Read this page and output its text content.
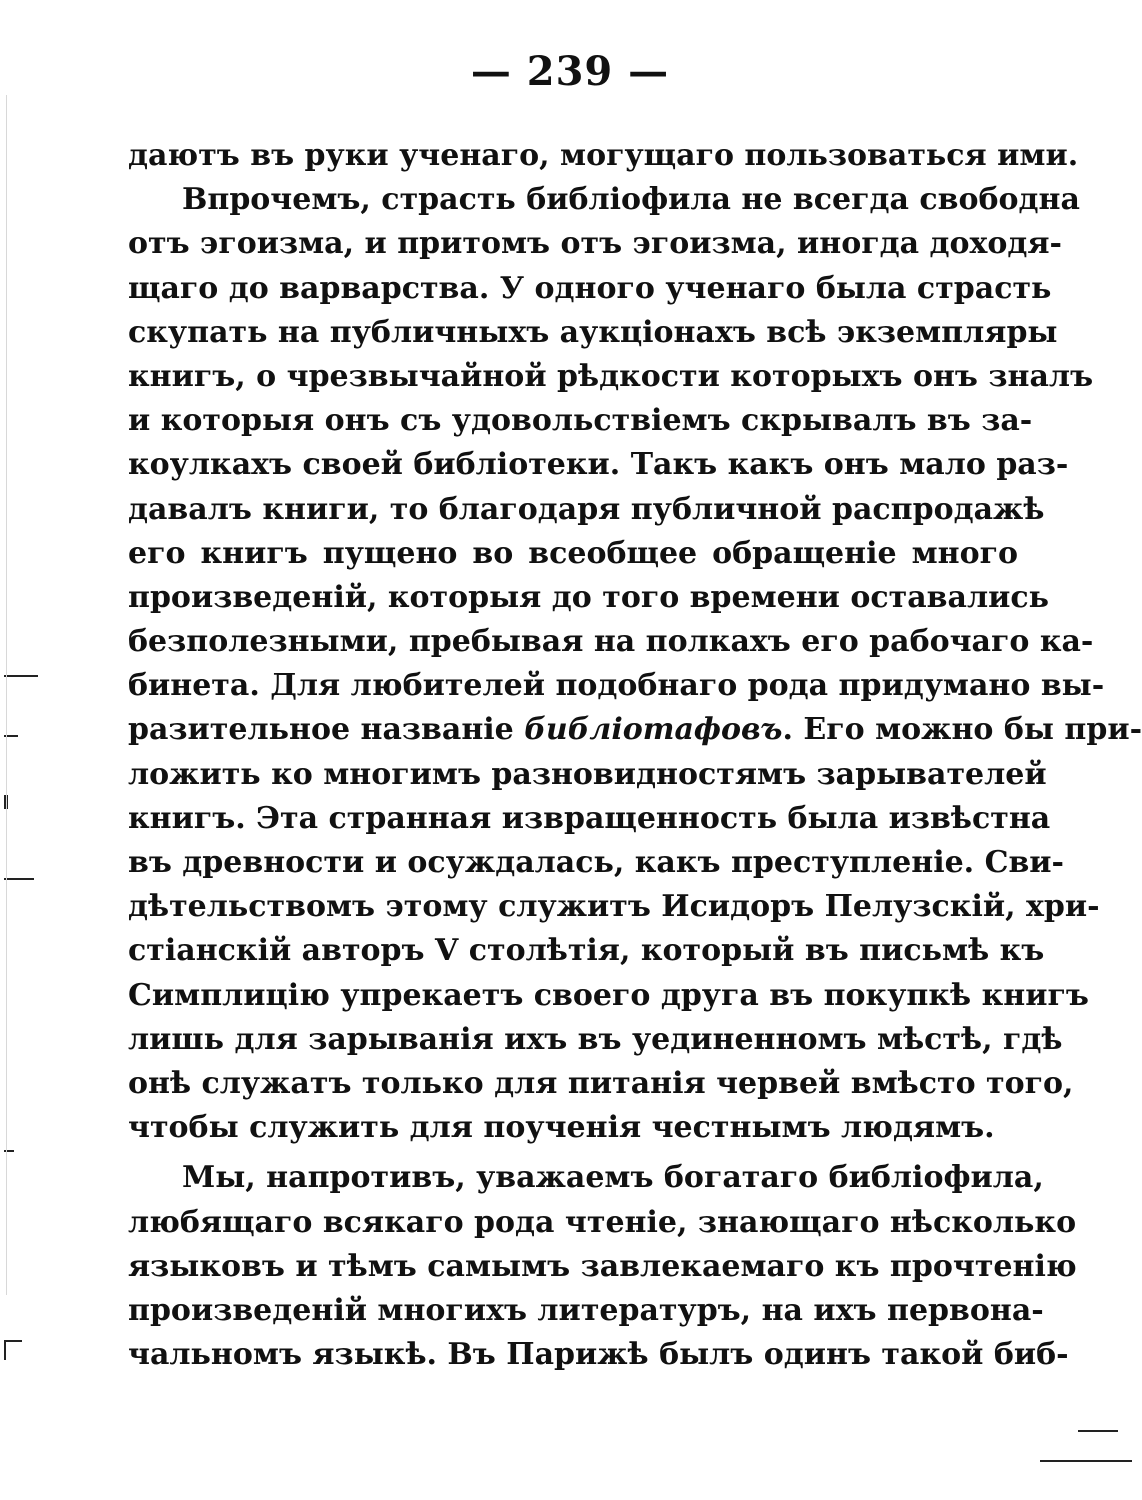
— 239 —
даютъ въ руки ученаго, могущаго пользоваться ими.
Впрочемъ, страсть библіофила не всегда свободна
отъ эгоизма, и притомъ отъ эгоизма, иногда доходя-
щаго до варварства. У одного ученаго была страсть
скупать на публичныхъ аукціонахъ всѣ экземпляры
книгъ, о чрезвычайной рѣдкости которыхъ онъ зналъ
и которыя онъ съ удовольствіемъ скрывалъ въ за-
коулкахъ своей библіотеки. Такъ какъ онъ мало раз-
давалъ книги, то благодаря публичной распродажѣ
его книгъ пущено во всеобщее обращеніе много
произведеній, которыя до того времени оставались
безполезными, пребывая на полкахъ его рабочаго ка-
бинета. Для любителей подобнаго рода придумано вы-
разительное названіе библіотафовъ. Его можно бы при-
ложить ко многимъ разновидностямъ зарывателей
книгъ. Эта странная извращенность была извѣстна
въ древности и осуждалась, какъ преступленіе. Сви-
дѣтельствомъ этому служитъ Исидоръ Пелузскій, хри-
стіанскій авторъ V столѣтія, который въ письмѣ къ
Симплицію упрекаетъ своего друга въ покупкѣ книгъ
лишь для зарыванія ихъ въ уединенномъ мѣстѣ, гдѣ
онѣ служатъ только для питанія червей вмѣсто того,
чтобы служить для поученія честнымъ людямъ.
Мы, напротивъ, уважаемъ богатаго библіофила,
любящаго всякаго рода чтеніе, знающаго нѣсколько
языковъ и тѣмъ самымъ завлекаемаго къ прочтенію
произведеній многихъ литературъ, на ихъ первона-
чальномъ языкѣ. Въ Парижѣ былъ одинъ такой биб-
